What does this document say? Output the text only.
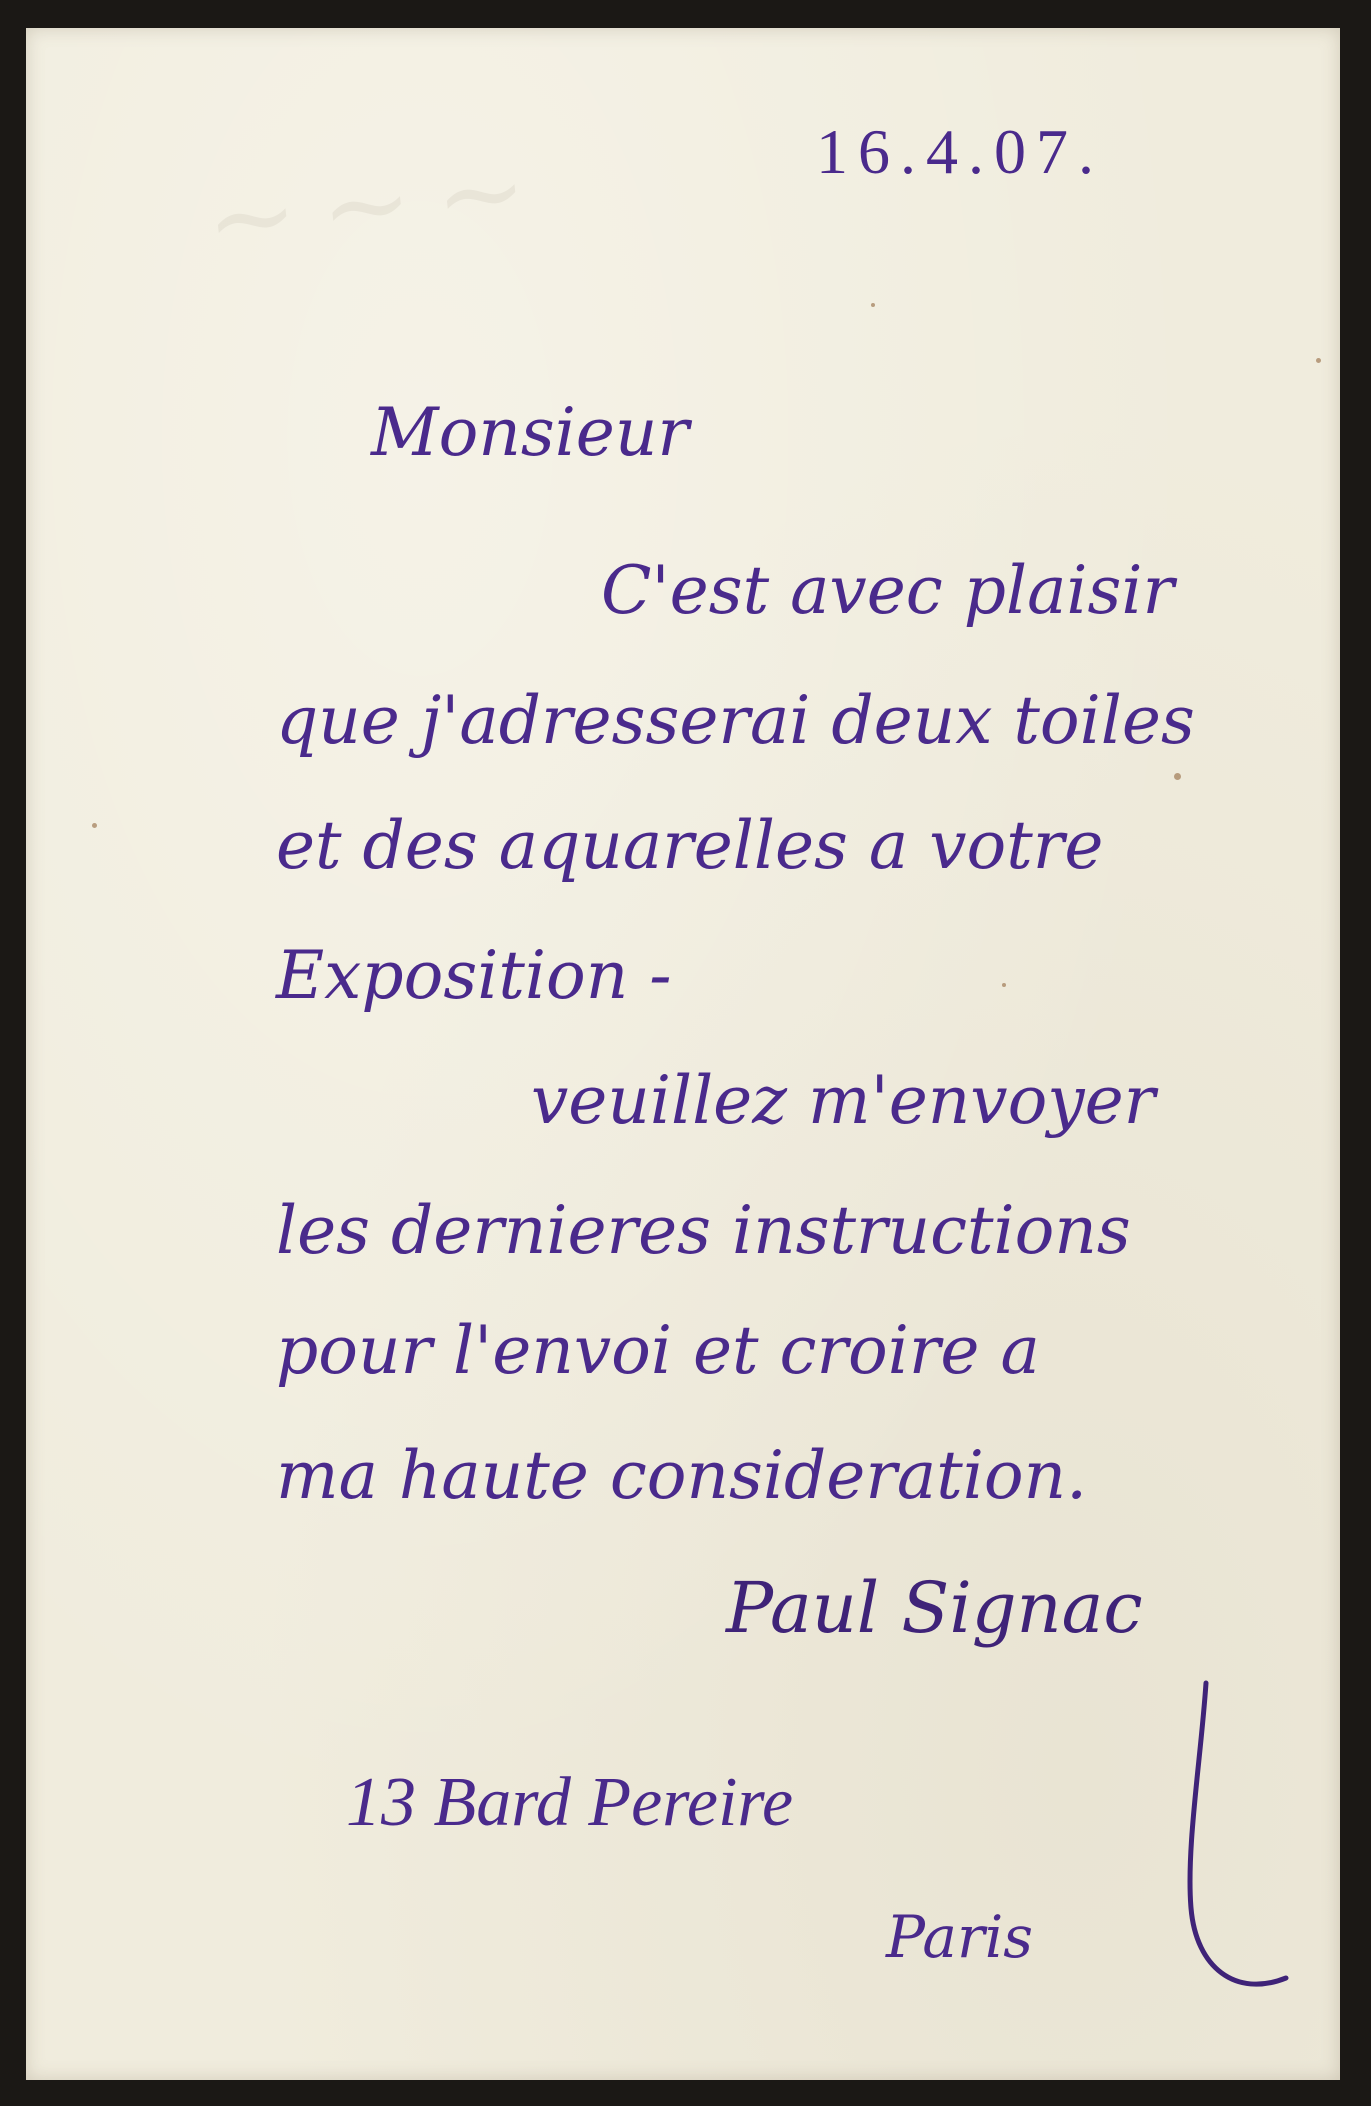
~ ~ ~	16.4.07.
Monsieur
C'est avec plaisir
que j'adresserai deux toiles
et des aquarelles a votre
Exposition -
veuillez m'envoyer
les dernieres instructions
pour l'envoi et croire a
ma haute consideration.
Paul Signac
13 Bard Pereire
Paris
